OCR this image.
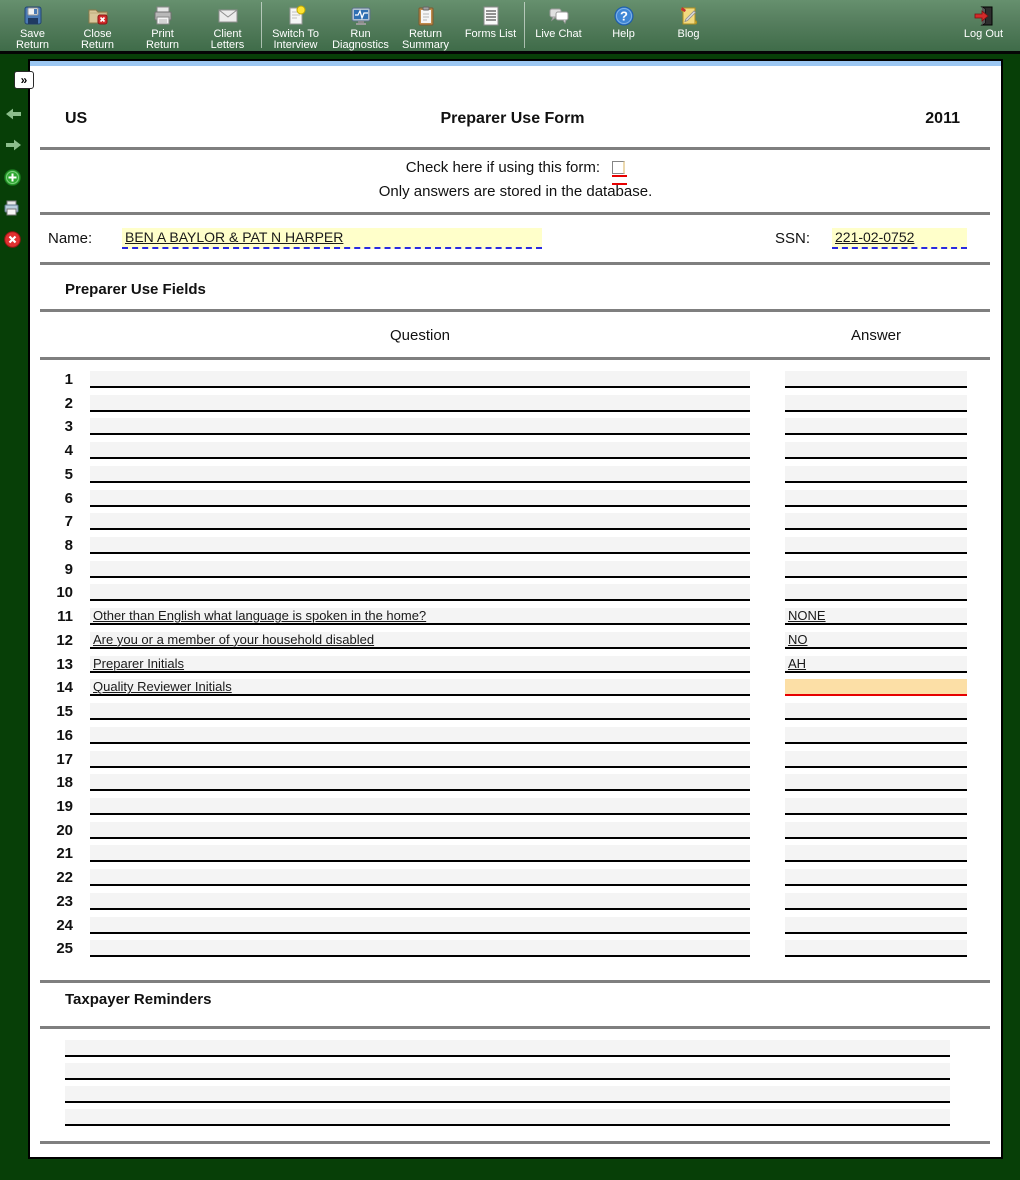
Save
Return
Close
Return
Print
Return
Client
Letters
Switch To
Interview
Run
Diagnostics
Return
Summary
Forms List	Live Chat
?
Help	Blog	Log Out
»
US	2011
Preparer Use Form
Check here if using this form:
Only answers are stored in the database.
Name:	BEN A BAYLOR & PAT N HARPER	SSN:	221-02-0752
Preparer Use Fields
Question	Answer
1
2
3
4
5
6
7
8
9
10
11 Other than English what language is spoken in the home?	NONE
12 Are you or a member of your household disabled	NO
13 Preparer Initials	AH
14 Quality Reviewer Initials
15
16
17
18
19
20
21
22
23
24
25
Taxpayer Reminders
